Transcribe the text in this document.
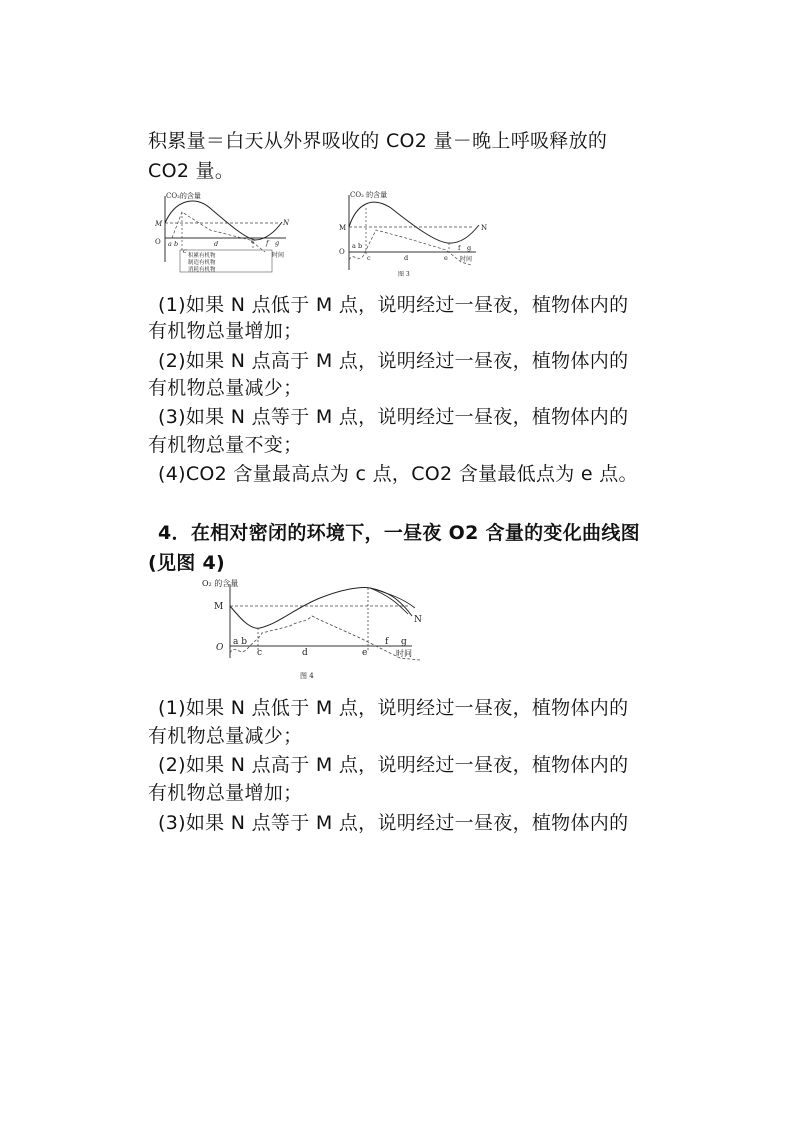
积累量＝白天从外界吸收的 CO2 量－晚上呼吸释放的
CO2 量。
CO₂的含量
M
O
N
a b
c
d	e f g
时间
积累有机物
制造有机物
消耗有机物
CO₂ 的含量
M
O
N
a b
c	d	e
f g
时间
图 3
(1)如果 N 点低于 M 点，说明经过一昼夜，植物体内的
有机物总量增加；
(2)如果 N 点高于 M 点，说明经过一昼夜，植物体内的
有机物总量减少；
(3)如果 N 点等于 M 点，说明经过一昼夜，植物体内的
有机物总量不变；
(4)CO2 含量最高点为 c 点，CO2 含量最低点为 e 点。
4．在相对密闭的环境下，一昼夜 O2 含量的变化曲线图
(见图 4)
O₂ 的含量
M
O
N
a b
c	d	e
f g
时间
图 4
(1)如果 N 点低于 M 点，说明经过一昼夜，植物体内的
有机物总量减少；
(2)如果 N 点高于 M 点，说明经过一昼夜，植物体内的
有机物总量增加；
(3)如果 N 点等于 M 点，说明经过一昼夜，植物体内的
